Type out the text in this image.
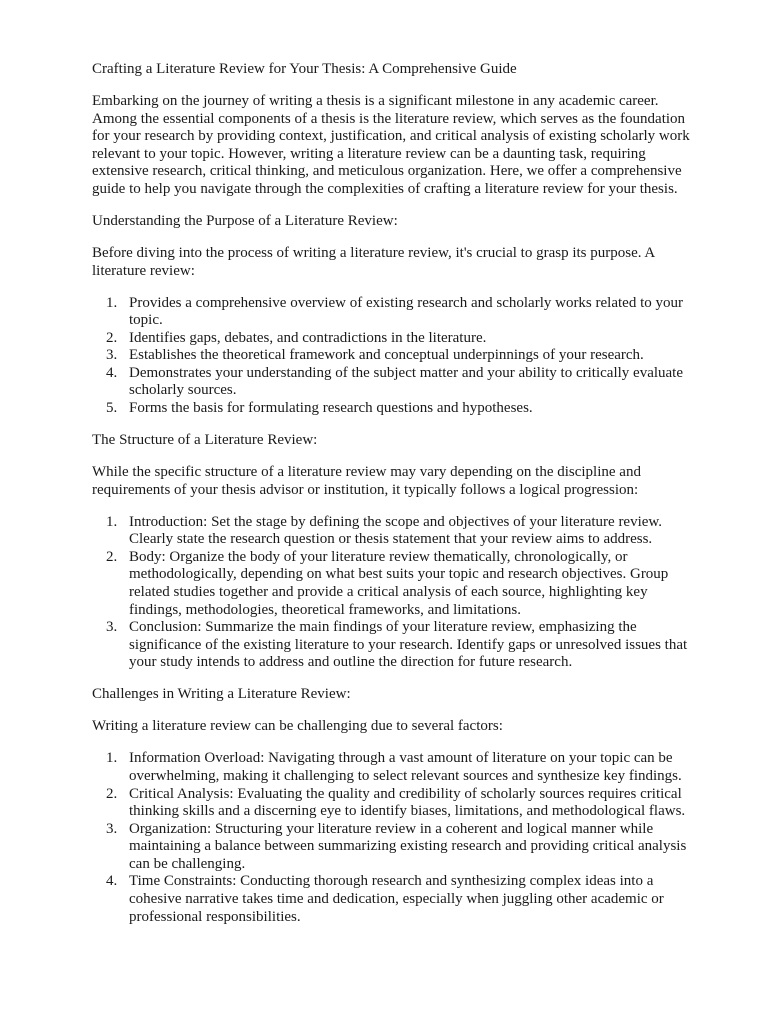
Crafting a Literature Review for Your Thesis: A Comprehensive Guide

Embarking on the journey of writing a thesis is a significant milestone in any academic career.
Among the essential components of a thesis is the literature review, which serves as the foundation
for your research by providing context, justification, and critical analysis of existing scholarly work
relevant to your topic. However, writing a literature review can be a daunting task, requiring
extensive research, critical thinking, and meticulous organization. Here, we offer a comprehensive
guide to help you navigate through the complexities of crafting a literature review for your thesis.

Understanding the Purpose of a Literature Review:

Before diving into the process of writing a literature review, it's crucial to grasp its purpose. A
literature review:

1. Provides a comprehensive overview of existing research and scholarly works related to your
topic.
2. Identifies gaps, debates, and contradictions in the literature.
3. Establishes the theoretical framework and conceptual underpinnings of your research.
4. Demonstrates your understanding of the subject matter and your ability to critically evaluate
scholarly sources.
5. Forms the basis for formulating research questions and hypotheses.

The Structure of a Literature Review:

While the specific structure of a literature review may vary depending on the discipline and
requirements of your thesis advisor or institution, it typically follows a logical progression:

1. Introduction: Set the stage by defining the scope and objectives of your literature review.
Clearly state the research question or thesis statement that your review aims to address.
2. Body: Organize the body of your literature review thematically, chronologically, or
methodologically, depending on what best suits your topic and research objectives. Group
related studies together and provide a critical analysis of each source, highlighting key
findings, methodologies, theoretical frameworks, and limitations.
3. Conclusion: Summarize the main findings of your literature review, emphasizing the
significance of the existing literature to your research. Identify gaps or unresolved issues that
your study intends to address and outline the direction for future research.

Challenges in Writing a Literature Review:

Writing a literature review can be challenging due to several factors:

1. Information Overload: Navigating through a vast amount of literature on your topic can be
overwhelming, making it challenging to select relevant sources and synthesize key findings.
2. Critical Analysis: Evaluating the quality and credibility of scholarly sources requires critical
thinking skills and a discerning eye to identify biases, limitations, and methodological flaws.
3. Organization: Structuring your literature review in a coherent and logical manner while
maintaining a balance between summarizing existing research and providing critical analysis
can be challenging.
4. Time Constraints: Conducting thorough research and synthesizing complex ideas into a
cohesive narrative takes time and dedication, especially when juggling other academic or
professional responsibilities.
